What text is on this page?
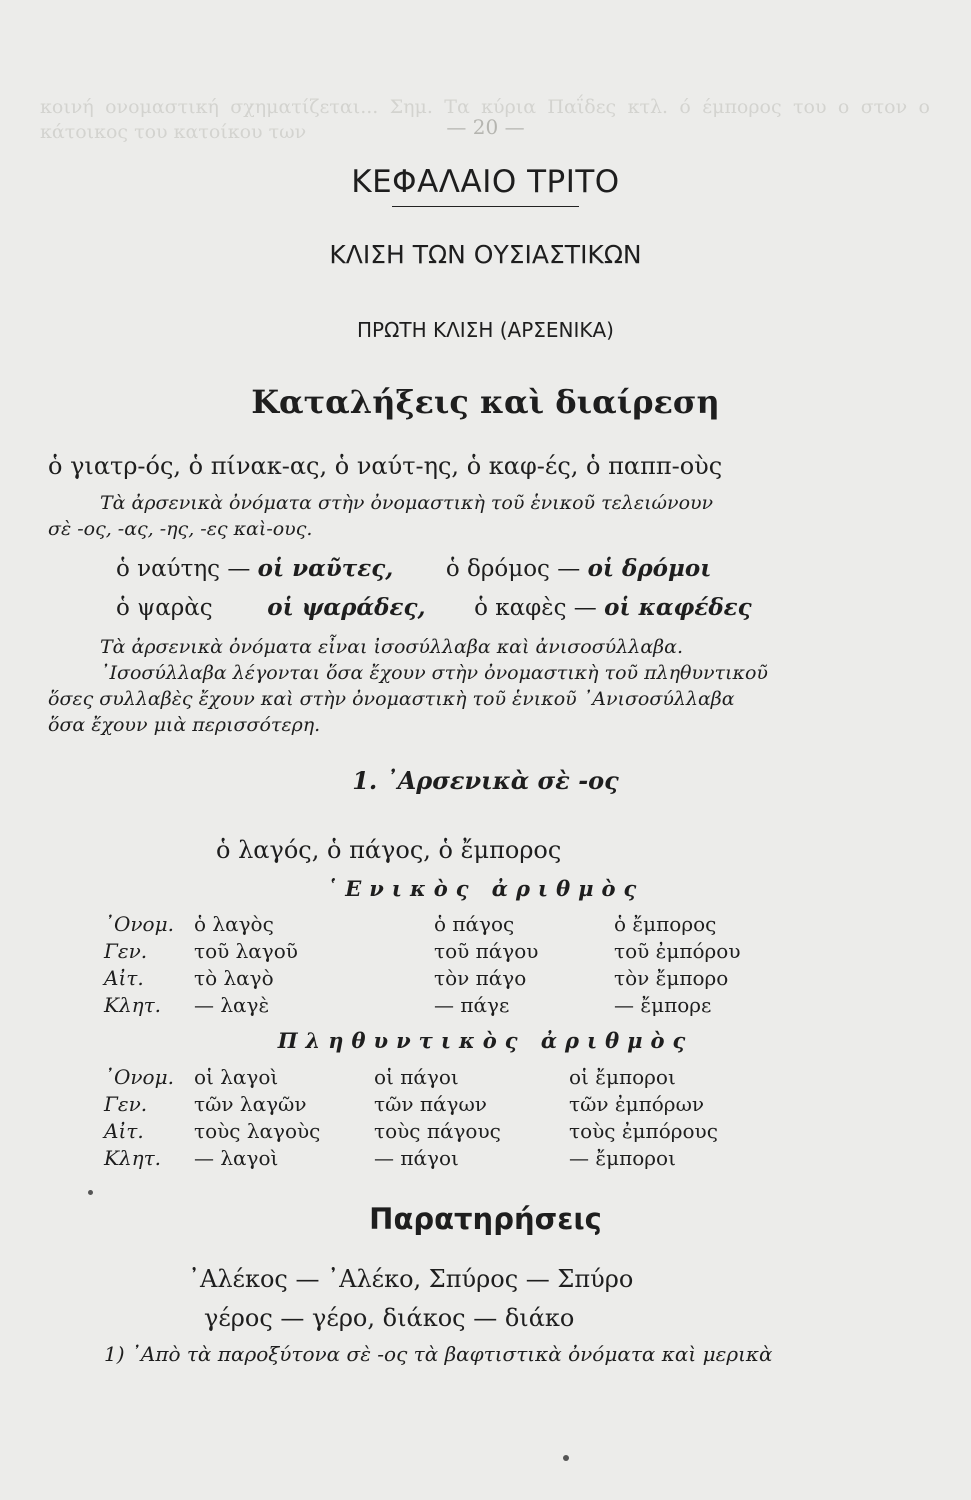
— 20 —
κοινή ονομαστική σχηματίζεται... Σημ. Τα κύρια Παΐδες κτλ. ό έμπορος του ο στον ο κάτοικος του κατοίκου των
ΚΕΦΑΛΑΙΟ ΤΡΙΤΟ
ΚΛΙΣΗ ΤΩΝ ΟΥΣΙΑΣΤΙΚΩΝ
ΠΡΩΤΗ ΚΛΙΣΗ (ΑΡΣΕΝΙΚΑ)
Καταλήξεις καὶ διαίρεση
ὁ γιατρ-ός, ὁ πίνακ-ας, ὁ ναύτ-ης, ὁ καφ-ές, ὁ παππ-οὺς
Τὰ ἀρσενικὰ ὀνόματα στὴν ὀνομαστικὴ τοῦ ἑνικοῦ τελειώνουν
σὲ -ος, -ας, -ης, -ες καὶ-ους.
ὁ ναύτης — οἱ ναῦτες, ὁ δρόμος — οἱ δρόμοι
ὁ ψαρὰς οἱ ψαράδες, ὁ καφὲς — οἱ καφέδες
Τὰ ἀρσενικὰ ὀνόματα εἶναι ἰσοσύλλαβα καὶ ἀνισοσύλλαβα.
᾿Ισοσύλλαβα λέγονται ὅσα ἔχουν στὴν ὀνομαστικὴ τοῦ πληθυντικοῦ
ὅσες συλλαβὲς ἔχουν καὶ στὴν ὀνομαστικὴ τοῦ ἑνικοῦ ᾿Ανισοσύλλαβα
ὅσα ἔχουν μιὰ περισσότερη.
1. ᾿Αρσενικὰ σὲ -ος
ὁ λαγός, ὁ πάγος, ὁ ἔμπορος
῾Ενικὸς ἀριθμὸς
᾿Ονομ.	ὁ λαγὸς	ὁ πάγος	ὁ ἔμπορος
Γεν.	τοῦ λαγοῦ	τοῦ πάγου	τοῦ ἐμπόρου
Αἰτ.	τὸ λαγὸ	τὸν πάγο	τὸν ἔμπορο
Κλητ.	— λαγὲ	— πάγε	— ἔμπορε
Πληθυντικὸς ἀριθμὸς
᾿Ονομ.	οἱ λαγοὶ	οἱ πάγοι	οἱ ἔμποροι
Γεν.	τῶν λαγῶν	τῶν πάγων	τῶν ἐμπόρων
Αἰτ.	τοὺς λαγοὺς	τοὺς πάγους	τοὺς ἐμπόρους
Κλητ.	— λαγοὶ	— πάγοι	— ἔμποροι
Παρατηρήσεις
᾿Αλέκος — ᾿Αλέκο, Σπύρος — Σπύρο
γέρος — γέρο, διάκος — διάκο
1) ᾿Απὸ τὰ παροξύτονα σὲ -ος τὰ βαφτιστικὰ ὀνόματα καὶ μερικὰ
